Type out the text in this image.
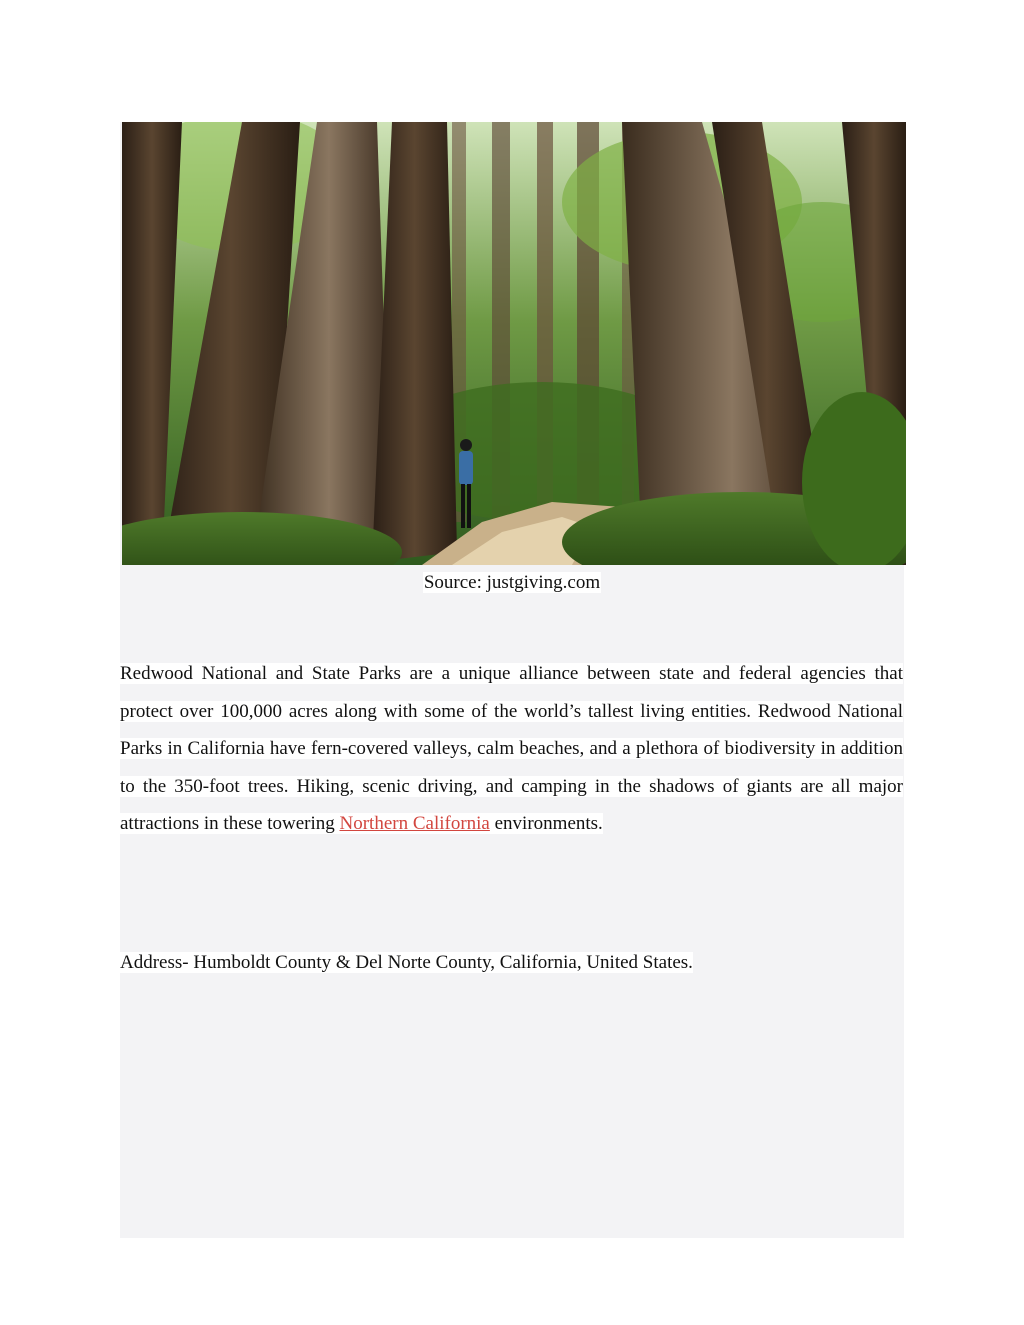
Source: justgiving.com
Redwood National and State Parks are a unique alliance between state and federal agencies that protect over 100,000 acres along with some of the world’s tallest living entities. Redwood National Parks in California have fern-covered valleys, calm beaches, and a plethora of biodiversity in addition to the 350-foot trees. Hiking, scenic driving, and camping in the shadows of giants are all major attractions in these towering Northern California environments.
Address- Humboldt County & Del Norte County, California, United States.
